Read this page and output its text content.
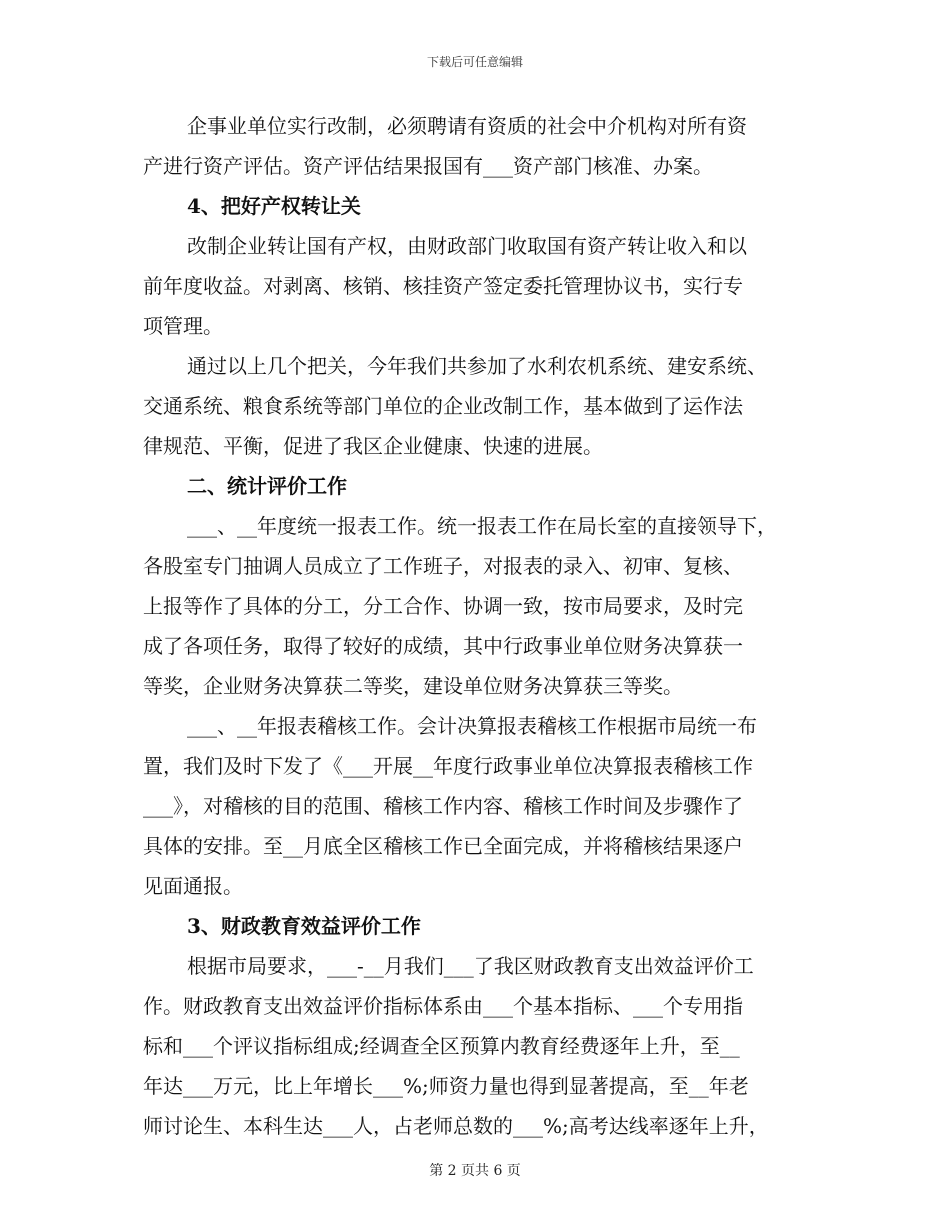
下载后可任意编辑
企事业单位实行改制，必须聘请有资质的社会中介机构对所有资
产进行资产评估。资产评估结果报国有___资产部门核准、办案。
4、把好产权转让关
改制企业转让国有产权，由财政部门收取国有资产转让收入和以
前年度收益。对剥离、核销、核挂资产签定委托管理协议书，实行专
项管理。
通过以上几个把关，今年我们共参加了水利农机系统、建安系统、
交通系统、粮食系统等部门单位的企业改制工作，基本做到了运作法
律规范、平衡，促进了我区企业健康、快速的进展。
二、统计评价工作
___、__年度统一报表工作。统一报表工作在局长室的直接领导下，
各股室专门抽调人员成立了工作班子，对报表的录入、初审、复核、
上报等作了具体的分工，分工合作、协调一致，按市局要求，及时完
成了各项任务，取得了较好的成绩，其中行政事业单位财务决算获一
等奖，企业财务决算获二等奖，建设单位财务决算获三等奖。
___、__年报表稽核工作。会计决算报表稽核工作根据市局统一布
置，我们及时下发了《___开展__年度行政事业单位决算报表稽核工作
___》，对稽核的目的范围、稽核工作内容、稽核工作时间及步骤作了
具体的安排。至__月底全区稽核工作已全面完成，并将稽核结果逐户
见面通报。
3、财政教育效益评价工作
根据市局要求，___-__月我们___了我区财政教育支出效益评价工
作。财政教育支出效益评价指标体系由___个基本指标、___个专用指
标和___个评议指标组成;经调查全区预算内教育经费逐年上升，至__
年达___万元，比上年增长___%;师资力量也得到显著提高，至__年老
师讨论生、本科生达___人，占老师总数的___%;高考达线率逐年上升，
第 2 页共 6 页
